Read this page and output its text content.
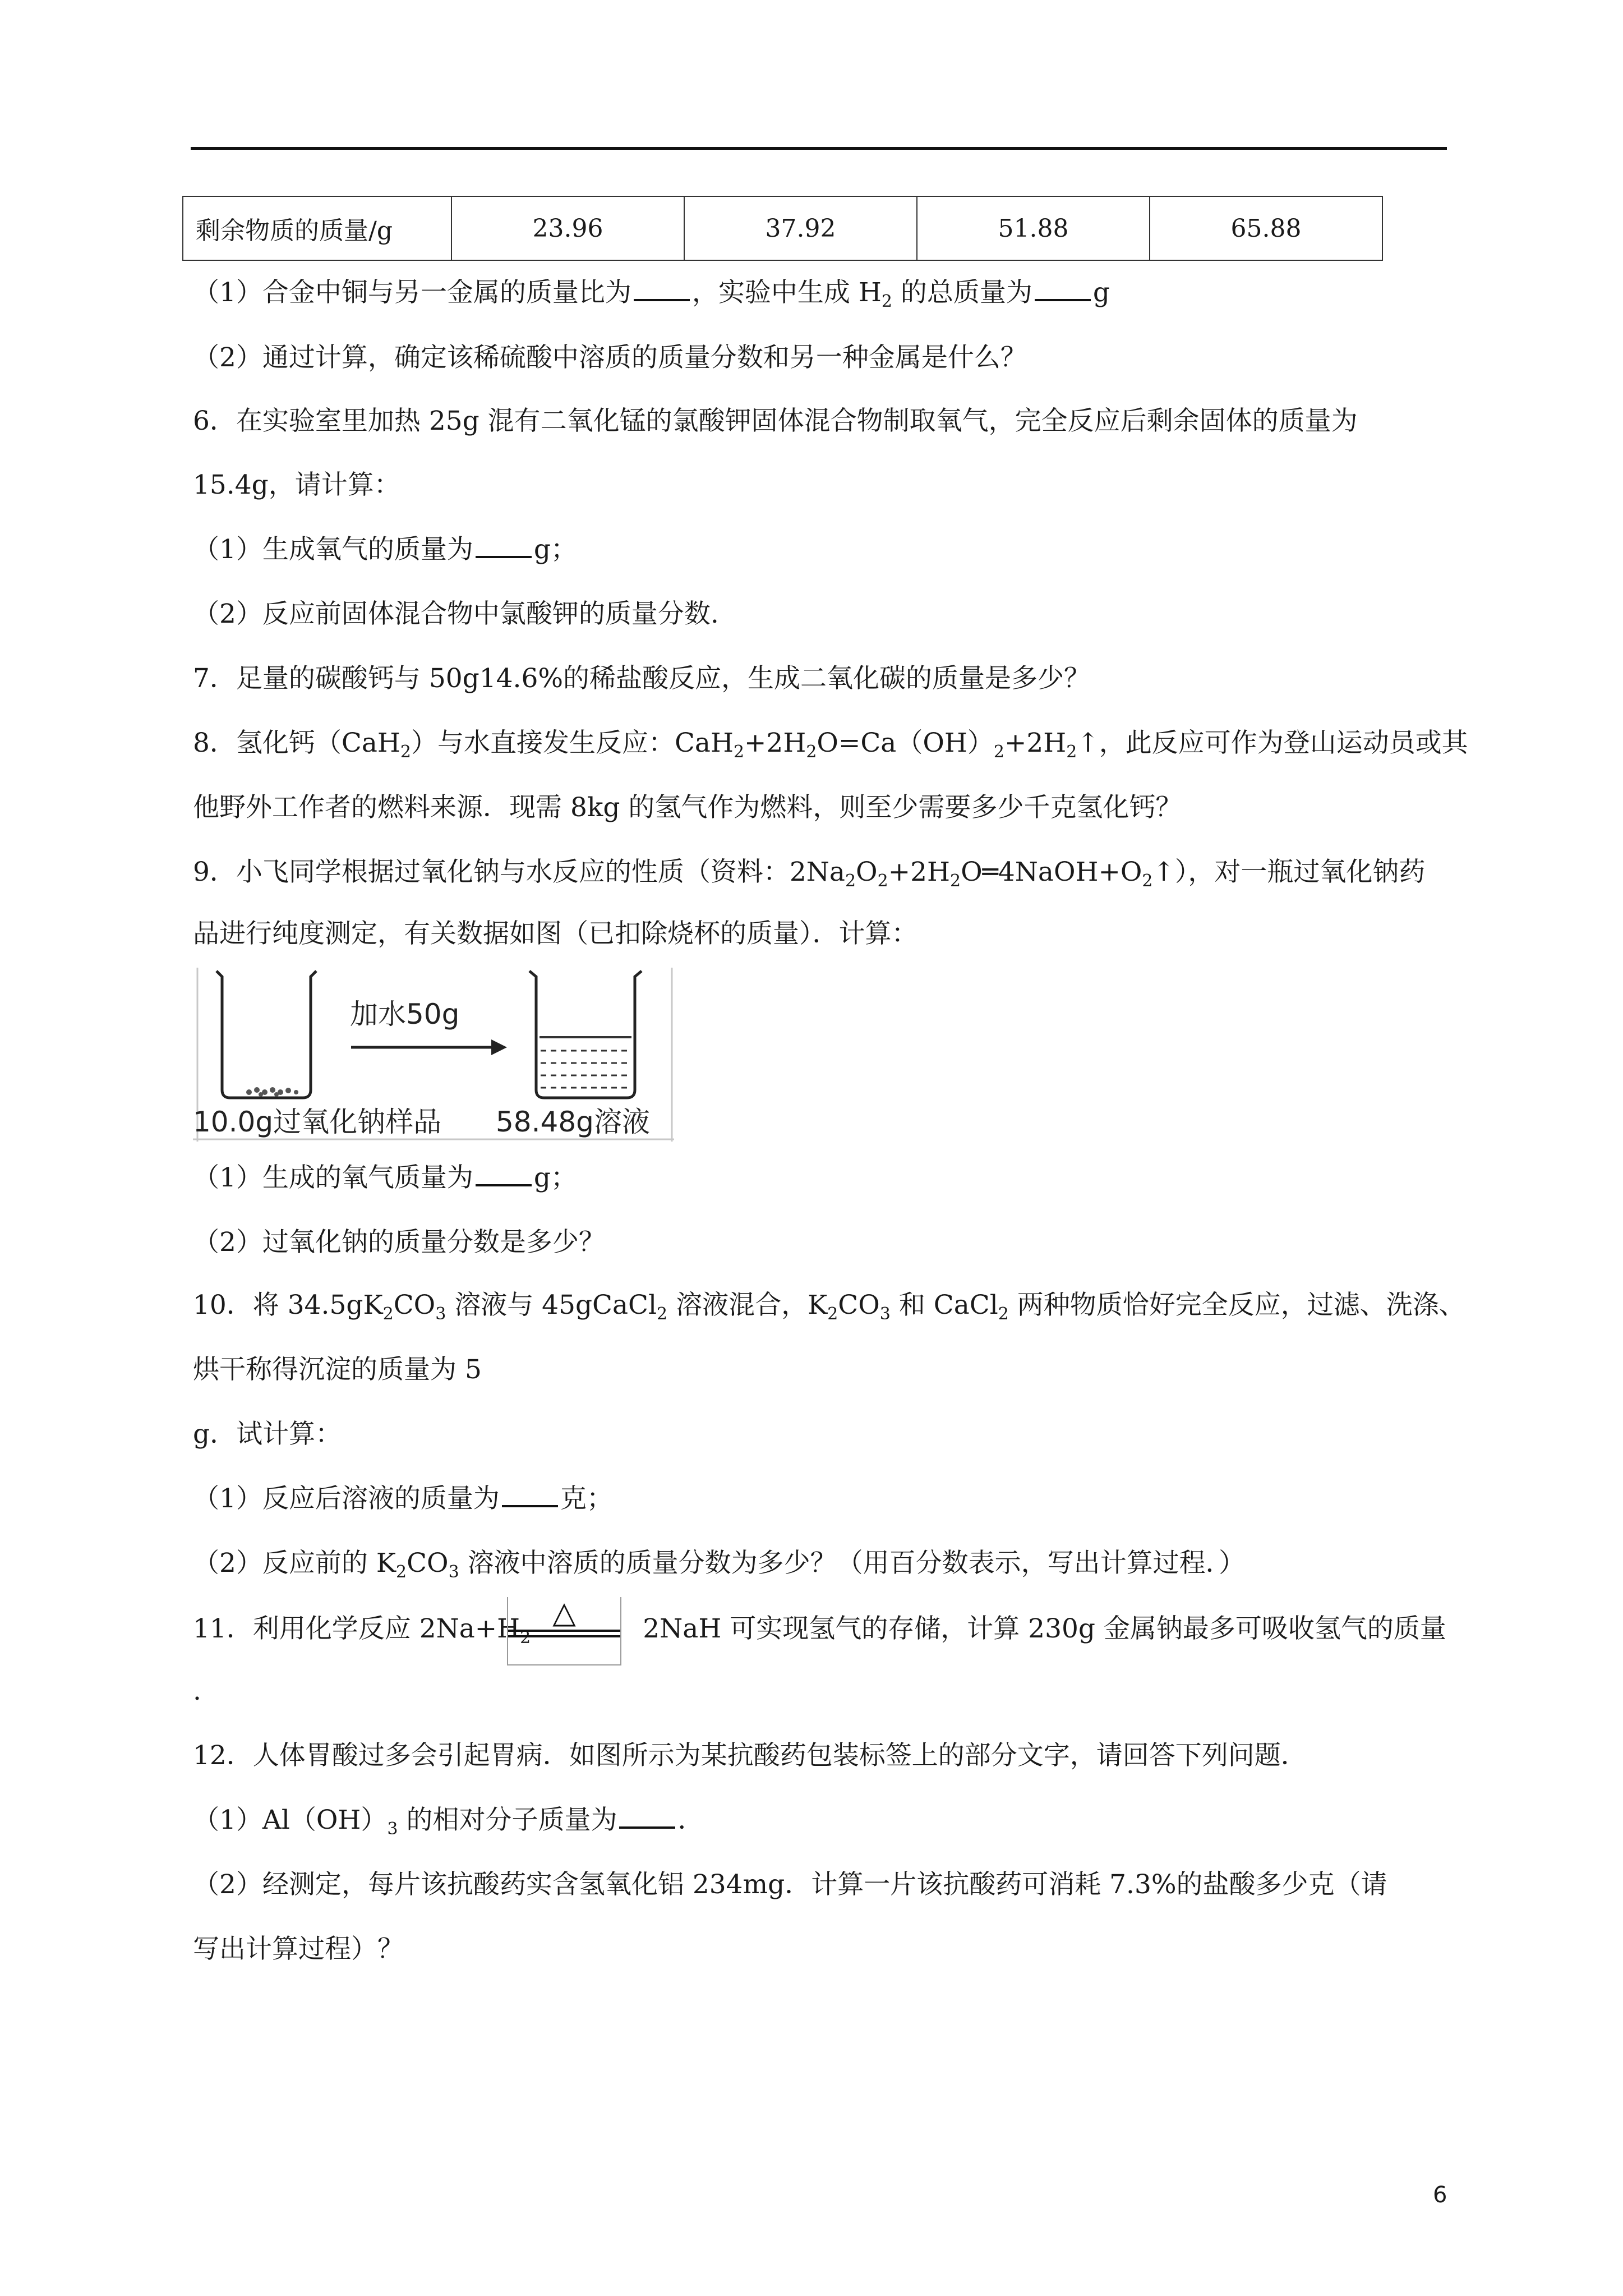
剩余物质的质量/g	23.96	37.92	51.88	65.88
（1）合金中铜与另一金属的质量比为 ，实验中生成 $H_2$ 的总质量为 g
（2）通过计算，确定该稀硫酸中溶质的质量分数和另一种金属是什么？
6．在实验室里加热 25g 混有二氧化锰的氯酸钾固体混合物制取氧气，完全反应后剩余固体的质量为
15.4g，请计算：
（1）生成氧气的质量为 g；
（2）反应前固体混合物中氯酸钾的质量分数.
7．足量的碳酸钙与 50g14.6%的稀盐酸反应，生成二氧化碳的质量是多少？
8．氢化钙（CaH$_2$）与水直接发生反应：$CaH_2+2H_2O=Ca(OH)_2+2H_2↑$，此反应可作为登山运动员或其
他野外工作者的燃料来源．现需 8kg 的氢气作为燃料，则至少需要多少千克氢化钙？
9．小飞同学根据过氧化钠与水反应的性质（资料：$2Na_2O_2+2H_2O═4NaOH+O_2↑$），对一瓶过氧化钠药
品进行纯度测定，有关数据如图（已扣除烧杯的质量）．计算：
加水50g
10.0g过氧化钠样品 58.48g溶液
（1）生成的氧气质量为 g；
（2）过氧化钠的质量分数是多少？
10．将 $34.5gK_2CO_3$ 溶液与 45gCaCl$_2$ 溶液混合，$K_2CO_3$ 和 CaCl$_2$ 两种物质恰好完全反应，过滤、洗涤、
烘干称得沉淀的质量为 5
g．试计算：
（1）反应后溶液的质量为 克；
（2）反应前的 $K_2CO_3$ 溶液中溶质的质量分数为多少？（用百分数表示，写出计算过程．）
11．利用化学反应 $2Na+H_2$	2NaH 可实现氢气的存储，计算 230g 金属钠最多可吸收氢气的质量
△
.
12．人体胃酸过多会引起胃病．如图所示为某抗酸药包装标签上的部分文字，请回答下列问题．
$(1)Al(OH)_3$ 的相对分子质量为 ．
（2）经测定，每片该抗酸药实含氢氧化铝 234mg．计算一片该抗酸药可消耗 7.3%的盐酸多少克（请
写出计算过程）？
6
